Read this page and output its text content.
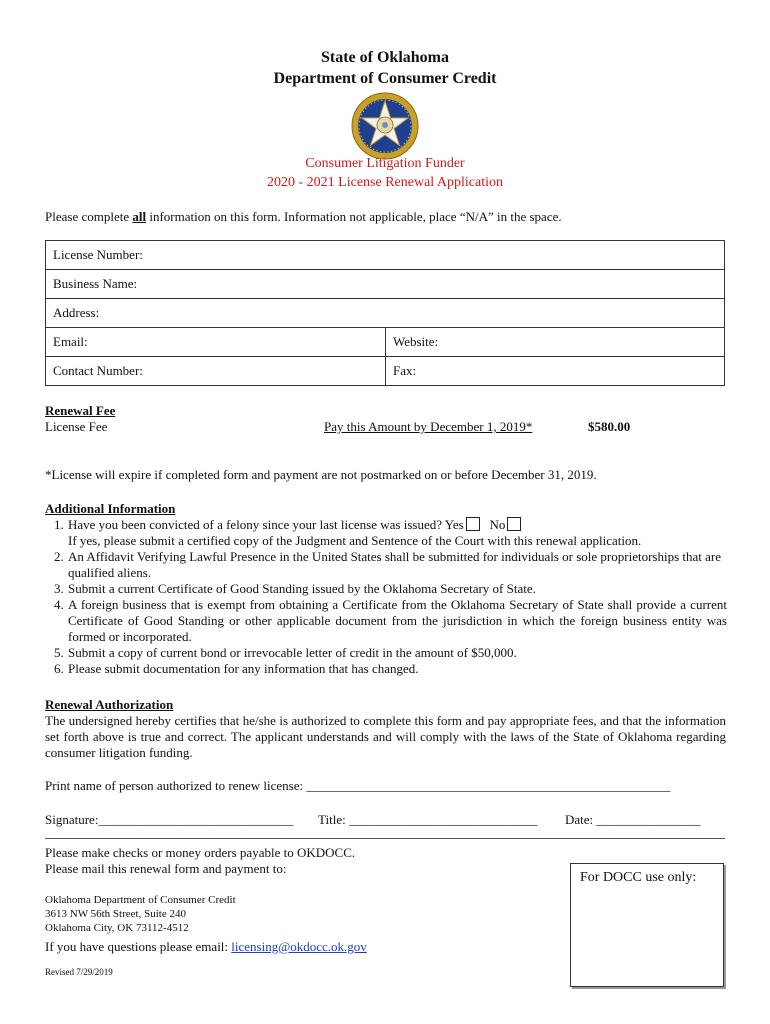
State of Oklahoma
Department of Consumer Credit
Consumer Litigation Funder
2020 - 2021 License Renewal Application
Please complete all information on this form. Information not applicable, place “N/A” in the space.
License Number:	
Business Name:	
Address:	
Email:	Website:
Contact Number:	Fax:
Renewal Fee
License Fee	Pay this Amount by December 1, 2019*	$580.00
*License will expire if completed form and payment are not postmarked on or before December 31, 2019.
Additional Information
1. Have you been convicted of a felony since your last license was issued? Yes No
If yes, please submit a certified copy of the Judgment and Sentence of the Court with this renewal application.
2. An Affidavit Verifying Lawful Presence in the United States shall be submitted for individuals or sole proprietorships that are qualified aliens.
3. Submit a current Certificate of Good Standing issued by the Oklahoma Secretary of State.
4. A foreign business that is exempt from obtaining a Certificate from the Oklahoma Secretary of State shall provide a current Certificate of Good Standing or other applicable document from the jurisdiction in which the foreign business entity was formed or incorporated.
5. Submit a copy of current bond or irrevocable letter of credit in the amount of $50,000.
6. Please submit documentation for any information that has changed.
Renewal Authorization
The undersigned hereby certifies that he/she is authorized to complete this form and pay appropriate fees, and that the information set forth above is true and correct. The applicant understands and will comply with the laws of the State of Oklahoma regarding consumer litigation funding.
Print name of person authorized to renew license: ________________________________________________________
Signature:______________________________ Title: _____________________________ Date: ________________
Please make checks or money orders payable to OKDOCC.
Please mail this renewal form and payment to:
Oklahoma Department of Consumer Credit
3613 NW 56th Street, Suite 240
Oklahoma City, OK 73112-4512
If you have questions please email: licensing@okdocc.ok.gov
Revised 7/29/2019
For DOCC use only:
